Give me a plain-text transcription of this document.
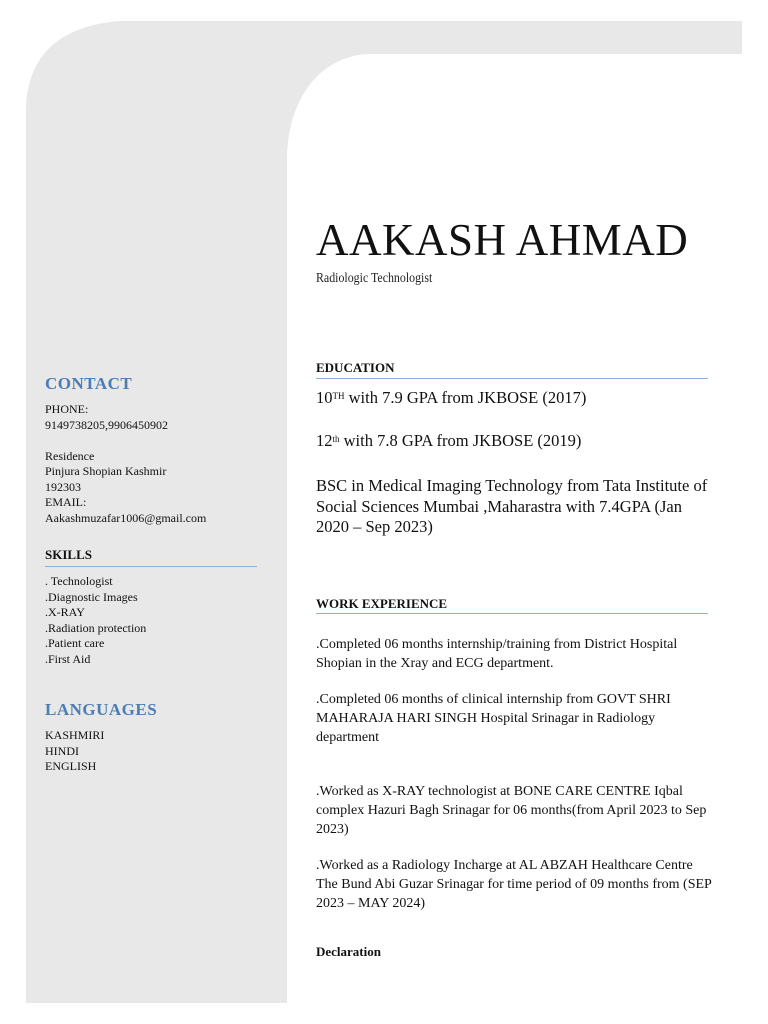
AAKASH AHMAD
Radiologic Technologist
CONTACT
PHONE:
9149738205,9906450902

Residence
Pinjura Shopian Kashmir
192303
EMAIL:
Aakashmuzafar1006@gmail.com
SKILLS
. Technologist
.Diagnostic Images
.X-RAY
.Radiation protection
.Patient care
.First Aid
LANGUAGES
KASHMIRI
HINDI
ENGLISH
EDUCATION
10TH with 7.9 GPA from JKBOSE (2017)
12th with 7.8 GPA from JKBOSE (2019)
BSC in Medical Imaging Technology from Tata Institute of Social Sciences Mumbai ,Maharastra with 7.4GPA (Jan 2020 – Sep 2023)
WORK EXPERIENCE
.Completed 06 months internship/training from District Hospital Shopian in the Xray and ECG department.
.Completed 06 months of clinical internship from GOVT SHRI MAHARAJA HARI SINGH Hospital Srinagar in Radiology department
.Worked as X-RAY technologist at BONE CARE CENTRE Iqbal complex Hazuri Bagh Srinagar for 06 months(from April 2023 to Sep 2023)
.Worked as a Radiology Incharge at AL ABZAH Healthcare Centre The Bund Abi Guzar Srinagar for time period of 09 months from (SEP 2023 – MAY 2024)
Declaration
